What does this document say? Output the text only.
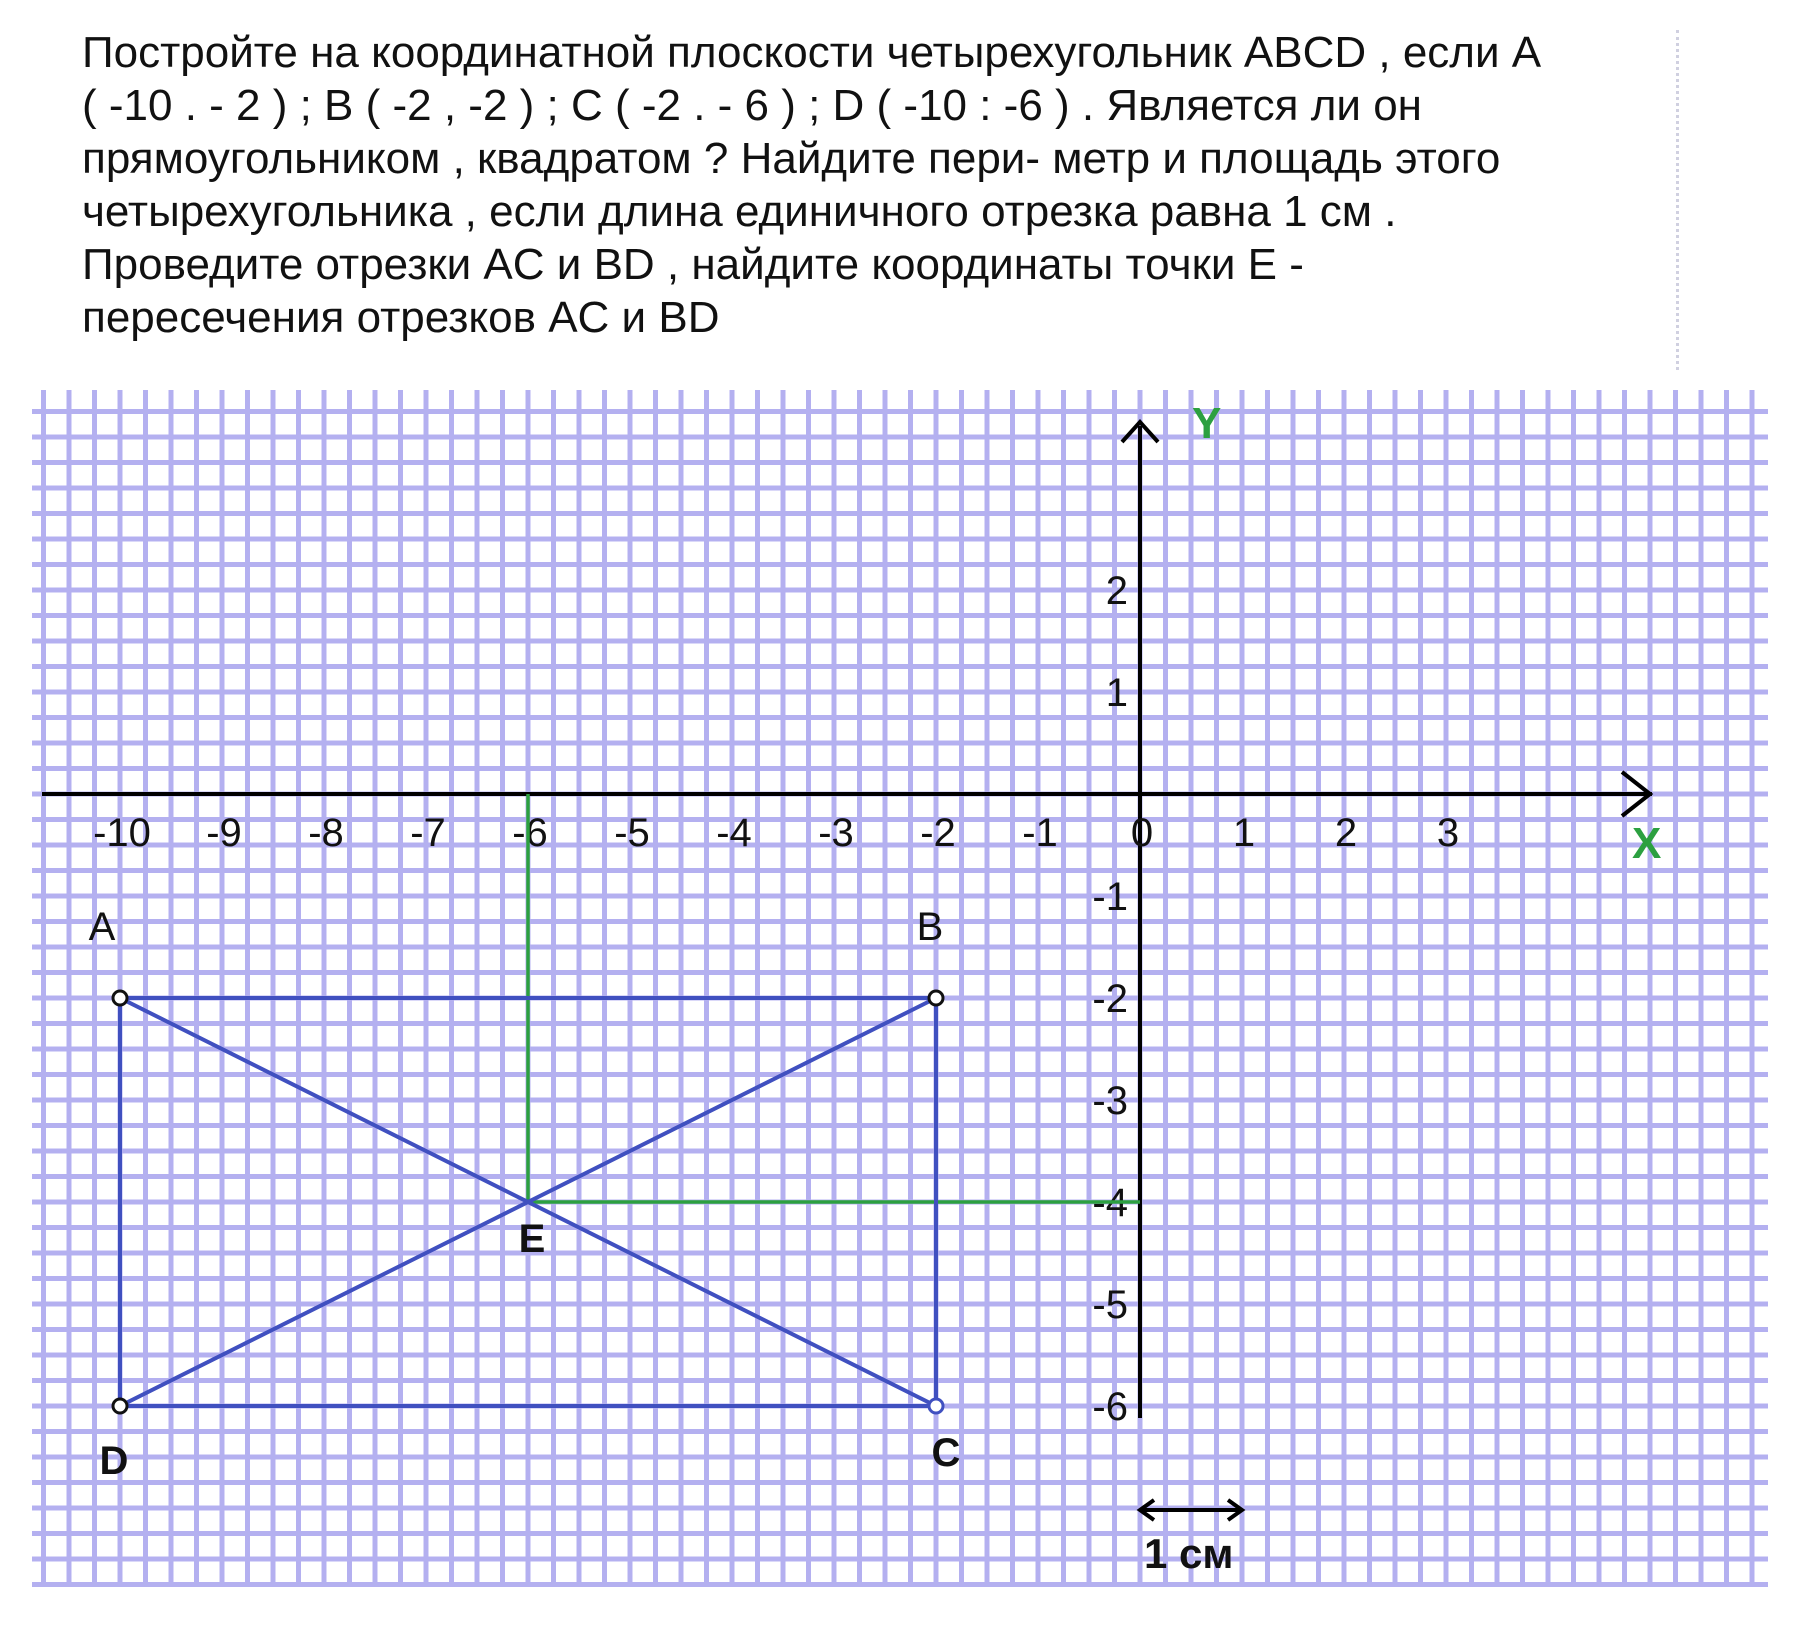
Постройте на координатной плоскости четырехугольник ABCD , если A
( -10 . - 2 ) ; B ( -2 , -2 ) ; C ( -2 . - 6 ) ; D ( -10 : -6 ) . Является ли он
прямоугольником , квадратом ? Найдите пери- метр и площадь этого
четырехугольника , если длина единичного отрезка равна 1 см .
Проведите отрезки AC и BD , найдите координаты точки E -
пересечения отрезков AC и BD
X
Y
-10 -9 -8 -7 -6 -5 -4 -3 -2 -1 0 1 2 3
2
1
-1
-2
-3
-4
-5
-6
A	B
C
D
E
1 см
